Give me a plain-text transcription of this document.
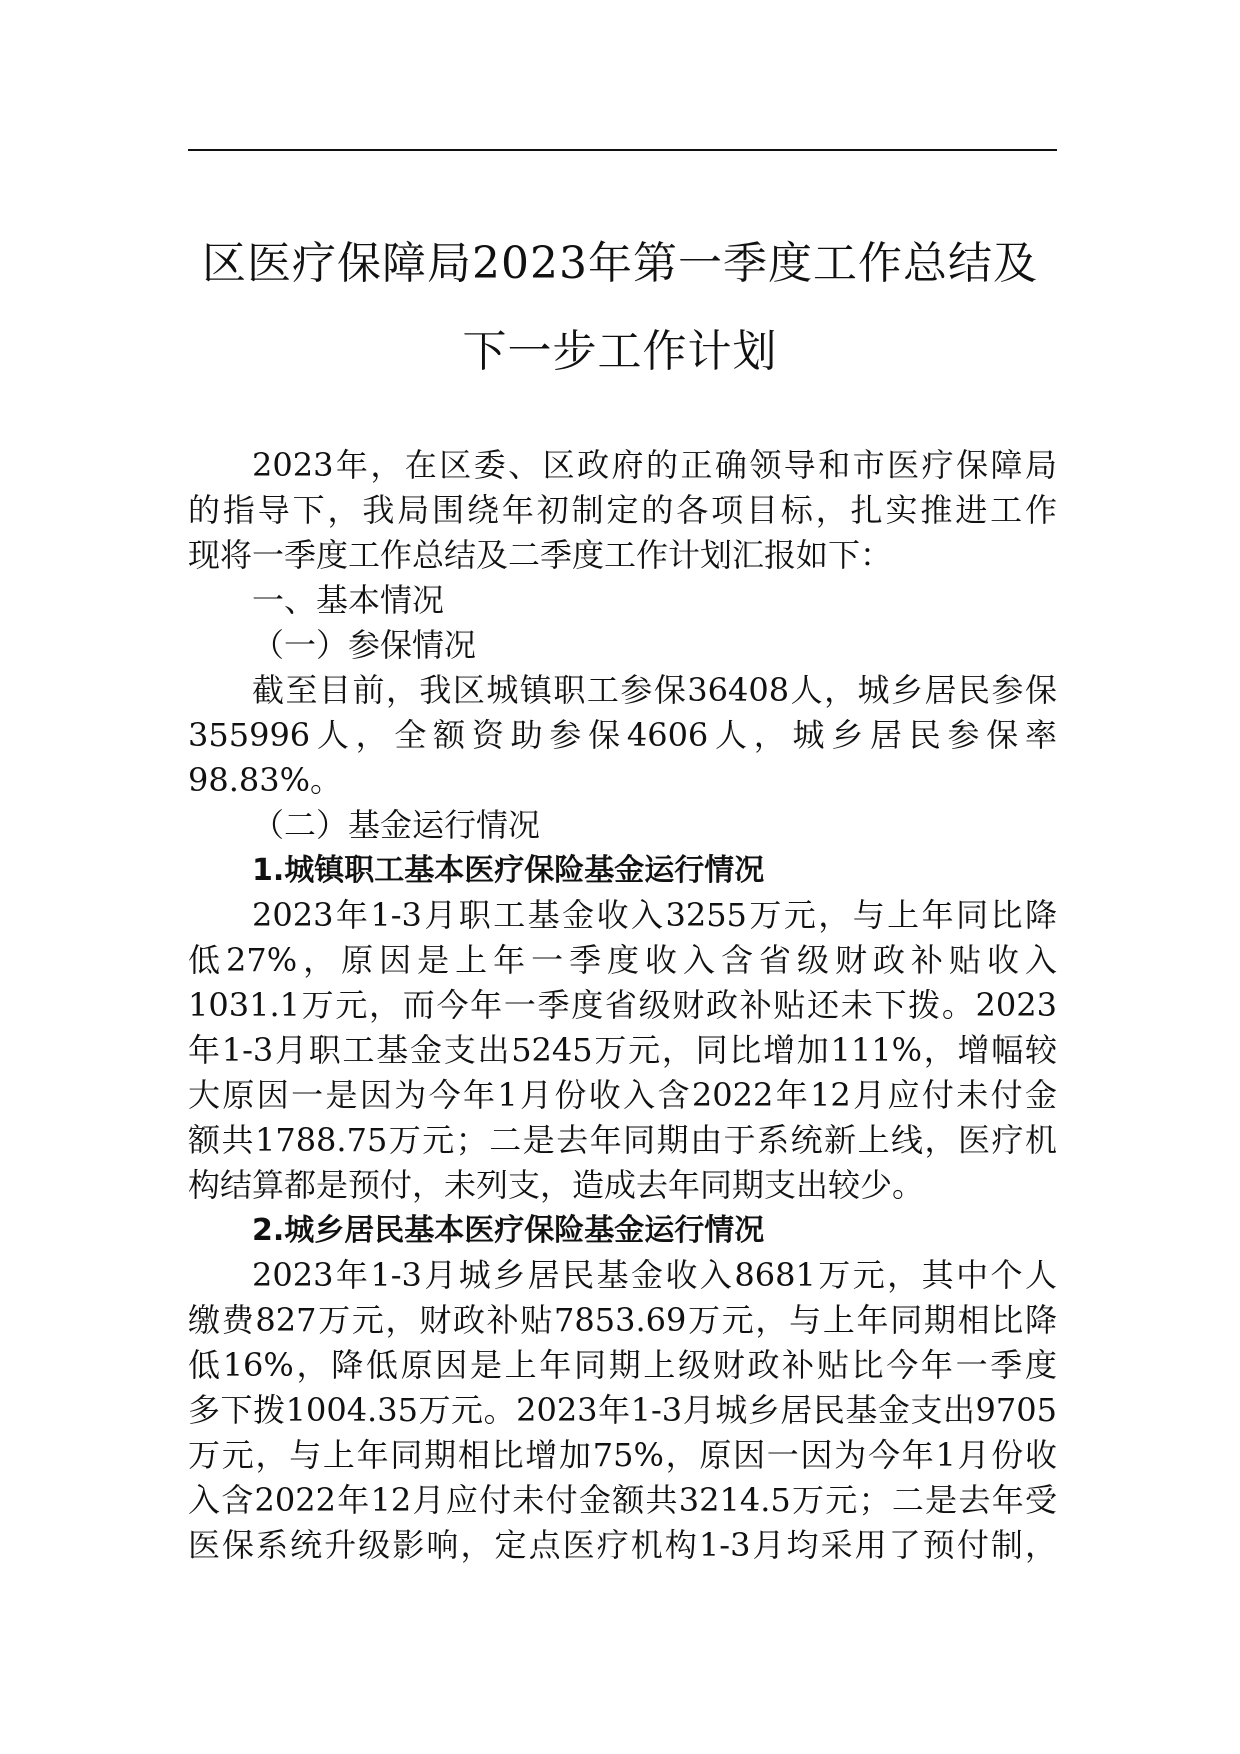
区医疗保障局2023年第一季度工作总结及
下一步工作计划
2023年，在区委、区政府的正确领导和市医疗保障局
的指导下，我局围绕年初制定的各项目标，扎实推进工作
现将一季度工作总结及二季度工作计划汇报如下：
一、基本情况
（一）参保情况
截至目前，我区城镇职工参保36408人，城乡居民参保
355996人，全额资助参保4606人，城乡居民参保率
98.83%。
（二）基金运行情况
1.城镇职工基本医疗保险基金运行情况
2023年1-3月职工基金收入3255万元，与上年同比降
低27%，原因是上年一季度收入含省级财政补贴收入
1031.1万元，而今年一季度省级财政补贴还未下拨。2023
年1-3月职工基金支出5245万元，同比增加111%，增幅较
大原因一是因为今年1月份收入含2022年12月应付未付金
额共1788.75万元；二是去年同期由于系统新上线，医疗机
构结算都是预付，未列支，造成去年同期支出较少。
2.城乡居民基本医疗保险基金运行情况
2023年1-3月城乡居民基金收入8681万元，其中个人
缴费827万元，财政补贴7853.69万元，与上年同期相比降
低16%，降低原因是上年同期上级财政补贴比今年一季度
多下拨1004.35万元。2023年1-3月城乡居民基金支出9705
万元，与上年同期相比增加75%，原因一因为今年1月份收
入含2022年12月应付未付金额共3214.5万元；二是去年受
医保系统升级影响，定点医疗机构1-3月均采用了预付制，
